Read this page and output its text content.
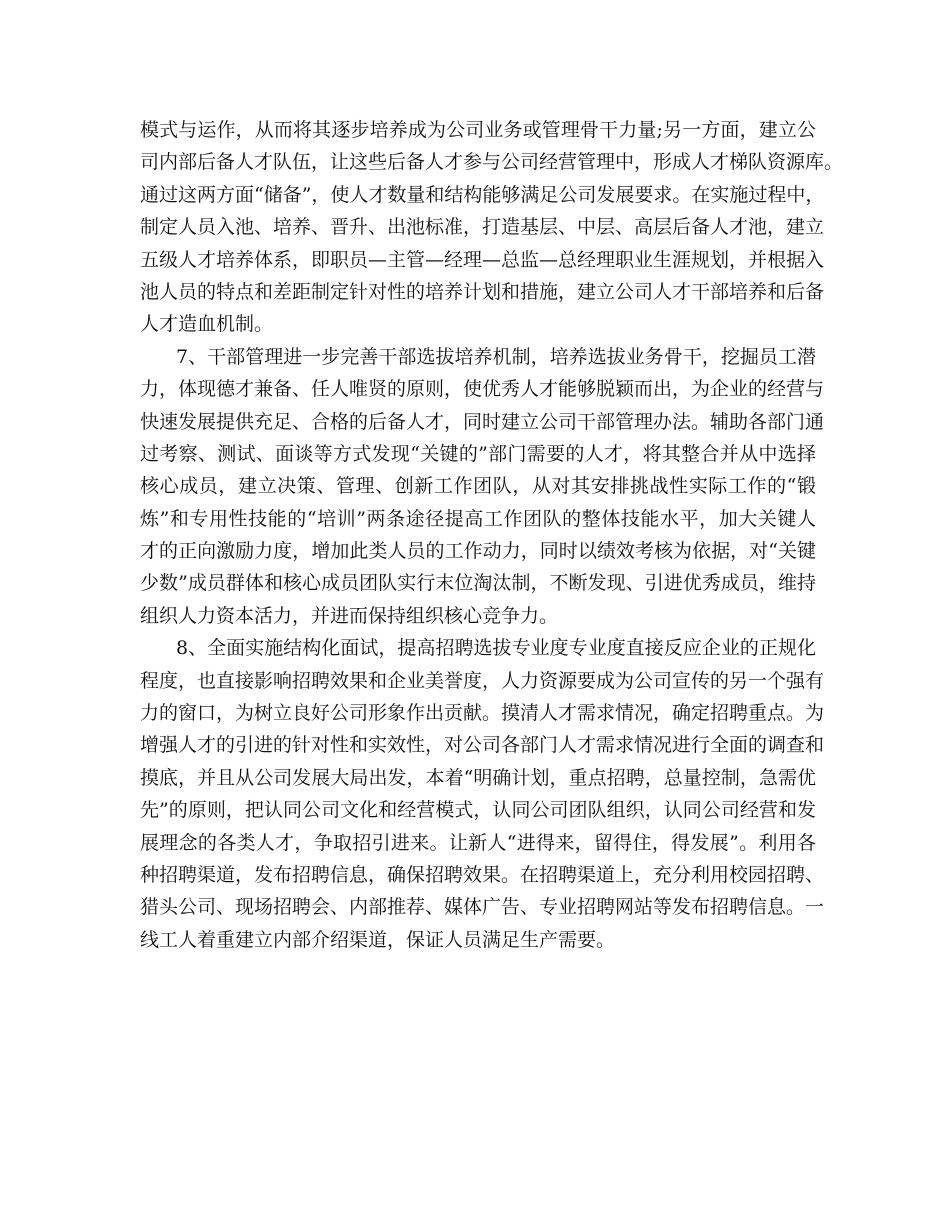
模式与运作，从而将其逐步培养成为公司业务或管理骨干力量;另一方面，建立公
司内部后备人才队伍，让这些后备人才参与公司经营管理中，形成人才梯队资源库。
通过这两方面“储备”，使人才数量和结构能够满足公司发展要求。在实施过程中，
制定人员入池、培养、晋升、出池标准，打造基层、中层、高层后备人才池，建立
五级人才培养体系，即职员—主管—经理—总监—总经理职业生涯规划，并根据入
池人员的特点和差距制定针对性的培养计划和措施，建立公司人才干部培养和后备
人才造血机制。
7、干部管理进一步完善干部选拔培养机制，培养选拔业务骨干，挖掘员工潜
力，体现德才兼备、任人唯贤的原则，使优秀人才能够脱颖而出，为企业的经营与
快速发展提供充足、合格的后备人才，同时建立公司干部管理办法。辅助各部门通
过考察、测试、面谈等方式发现“关键的”部门需要的人才，将其整合并从中选择
核心成员，建立决策、管理、创新工作团队，从对其安排挑战性实际工作的“锻
炼”和专用性技能的“培训”两条途径提高工作团队的整体技能水平，加大关键人
才的正向激励力度，增加此类人员的工作动力，同时以绩效考核为依据，对“关键
少数”成员群体和核心成员团队实行末位淘汰制，不断发现、引进优秀成员，维持
组织人力资本活力，并进而保持组织核心竞争力。
8、全面实施结构化面试，提高招聘选拔专业度专业度直接反应企业的正规化
程度，也直接影响招聘效果和企业美誉度，人力资源要成为公司宣传的另一个强有
力的窗口，为树立良好公司形象作出贡献。摸清人才需求情况，确定招聘重点。为
增强人才的引进的针对性和实效性，对公司各部门人才需求情况进行全面的调查和
摸底，并且从公司发展大局出发，本着“明确计划，重点招聘，总量控制，急需优
先”的原则，把认同公司文化和经营模式，认同公司团队组织，认同公司经营和发
展理念的各类人才，争取招引进来。让新人“进得来，留得住，得发展”。利用各
种招聘渠道，发布招聘信息，确保招聘效果。在招聘渠道上，充分利用校园招聘、
猎头公司、现场招聘会、内部推荐、媒体广告、专业招聘网站等发布招聘信息。一
线工人着重建立内部介绍渠道，保证人员满足生产需要。
